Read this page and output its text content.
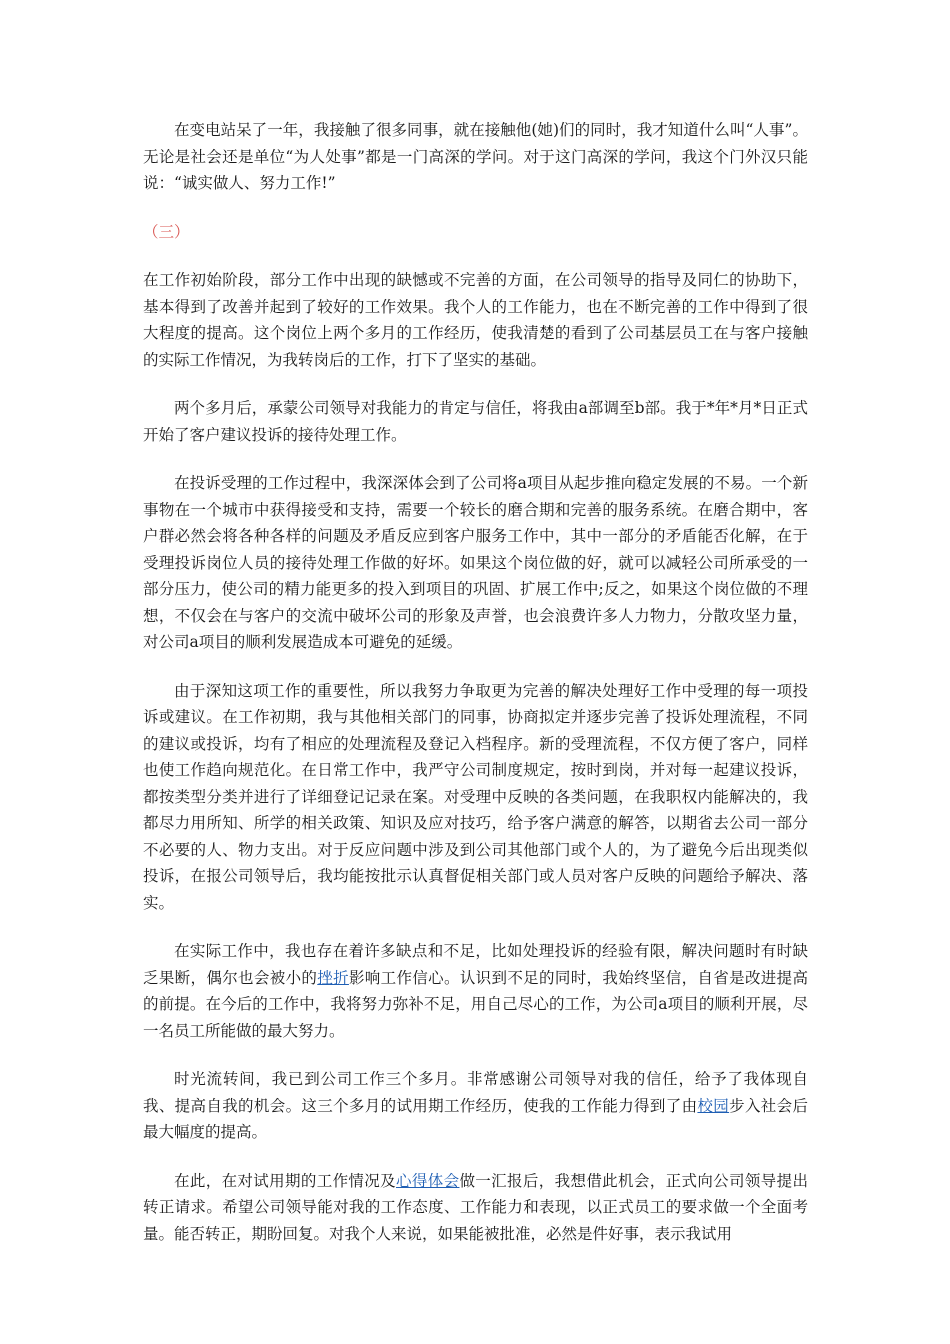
在变电站呆了一年，我接触了很多同事，就在接触他(她)们的同时，我才知道什么叫“人事”。无论是社会还是单位“为人处事”都是一门高深的学问。对于这门高深的学问，我这个门外汉只能说：“诚实做人、努力工作!”

（三）

在工作初始阶段，部分工作中出现的缺憾或不完善的方面，在公司领导的指导及同仁的协助下，基本得到了改善并起到了较好的工作效果。我个人的工作能力，也在不断完善的工作中得到了很大程度的提高。这个岗位上两个多月的工作经历，使我清楚的看到了公司基层员工在与客户接触的实际工作情况，为我转岗后的工作，打下了坚实的基础。

两个多月后，承蒙公司领导对我能力的肯定与信任，将我由a部调至b部。我于*年*月*日正式开始了客户建议投诉的接待处理工作。

在投诉受理的工作过程中，我深深体会到了公司将a项目从起步推向稳定发展的不易。一个新事物在一个城市中获得接受和支持，需要一个较长的磨合期和完善的服务系统。在磨合期中，客户群必然会将各种各样的问题及矛盾反应到客户服务工作中，其中一部分的矛盾能否化解，在于受理投诉岗位人员的接待处理工作做的好坏。如果这个岗位做的好，就可以减轻公司所承受的一部分压力，使公司的精力能更多的投入到项目的巩固、扩展工作中;反之，如果这个岗位做的不理想，不仅会在与客户的交流中破坏公司的形象及声誉，也会浪费许多人力物力，分散攻坚力量，对公司a项目的顺利发展造成本可避免的延缓。

由于深知这项工作的重要性，所以我努力争取更为完善的解决处理好工作中受理的每一项投诉或建议。在工作初期，我与其他相关部门的同事，协商拟定并逐步完善了投诉处理流程，不同的建议或投诉，均有了相应的处理流程及登记入档程序。新的受理流程，不仅方便了客户，同样也使工作趋向规范化。在日常工作中，我严守公司制度规定，按时到岗，并对每一起建议投诉，都按类型分类并进行了详细登记记录在案。对受理中反映的各类问题，在我职权内能解决的，我都尽力用所知、所学的相关政策、知识及应对技巧，给予客户满意的解答，以期省去公司一部分不必要的人、物力支出。对于反应问题中涉及到公司其他部门或个人的，为了避免今后出现类似投诉，在报公司领导后，我均能按批示认真督促相关部门或人员对客户反映的问题给予解决、落实。

在实际工作中，我也存在着许多缺点和不足，比如处理投诉的经验有限，解决问题时有时缺乏果断，偶尔也会被小的挫折影响工作信心。认识到不足的同时，我始终坚信，自省是改进提高的前提。在今后的工作中，我将努力弥补不足，用自己尽心的工作，为公司a项目的顺利开展，尽一名员工所能做的最大努力。

时光流转间，我已到公司工作三个多月。非常感谢公司领导对我的信任，给予了我体现自我、提高自我的机会。这三个多月的试用期工作经历，使我的工作能力得到了由校园步入社会后最大幅度的提高。

在此，在对试用期的工作情况及心得体会做一汇报后，我想借此机会，正式向公司领导提出转正请求。希望公司领导能对我的工作态度、工作能力和表现，以正式员工的要求做一个全面考量。能否转正，期盼回复。对我个人来说，如果能被批准，必然是件好事，表示我试用
